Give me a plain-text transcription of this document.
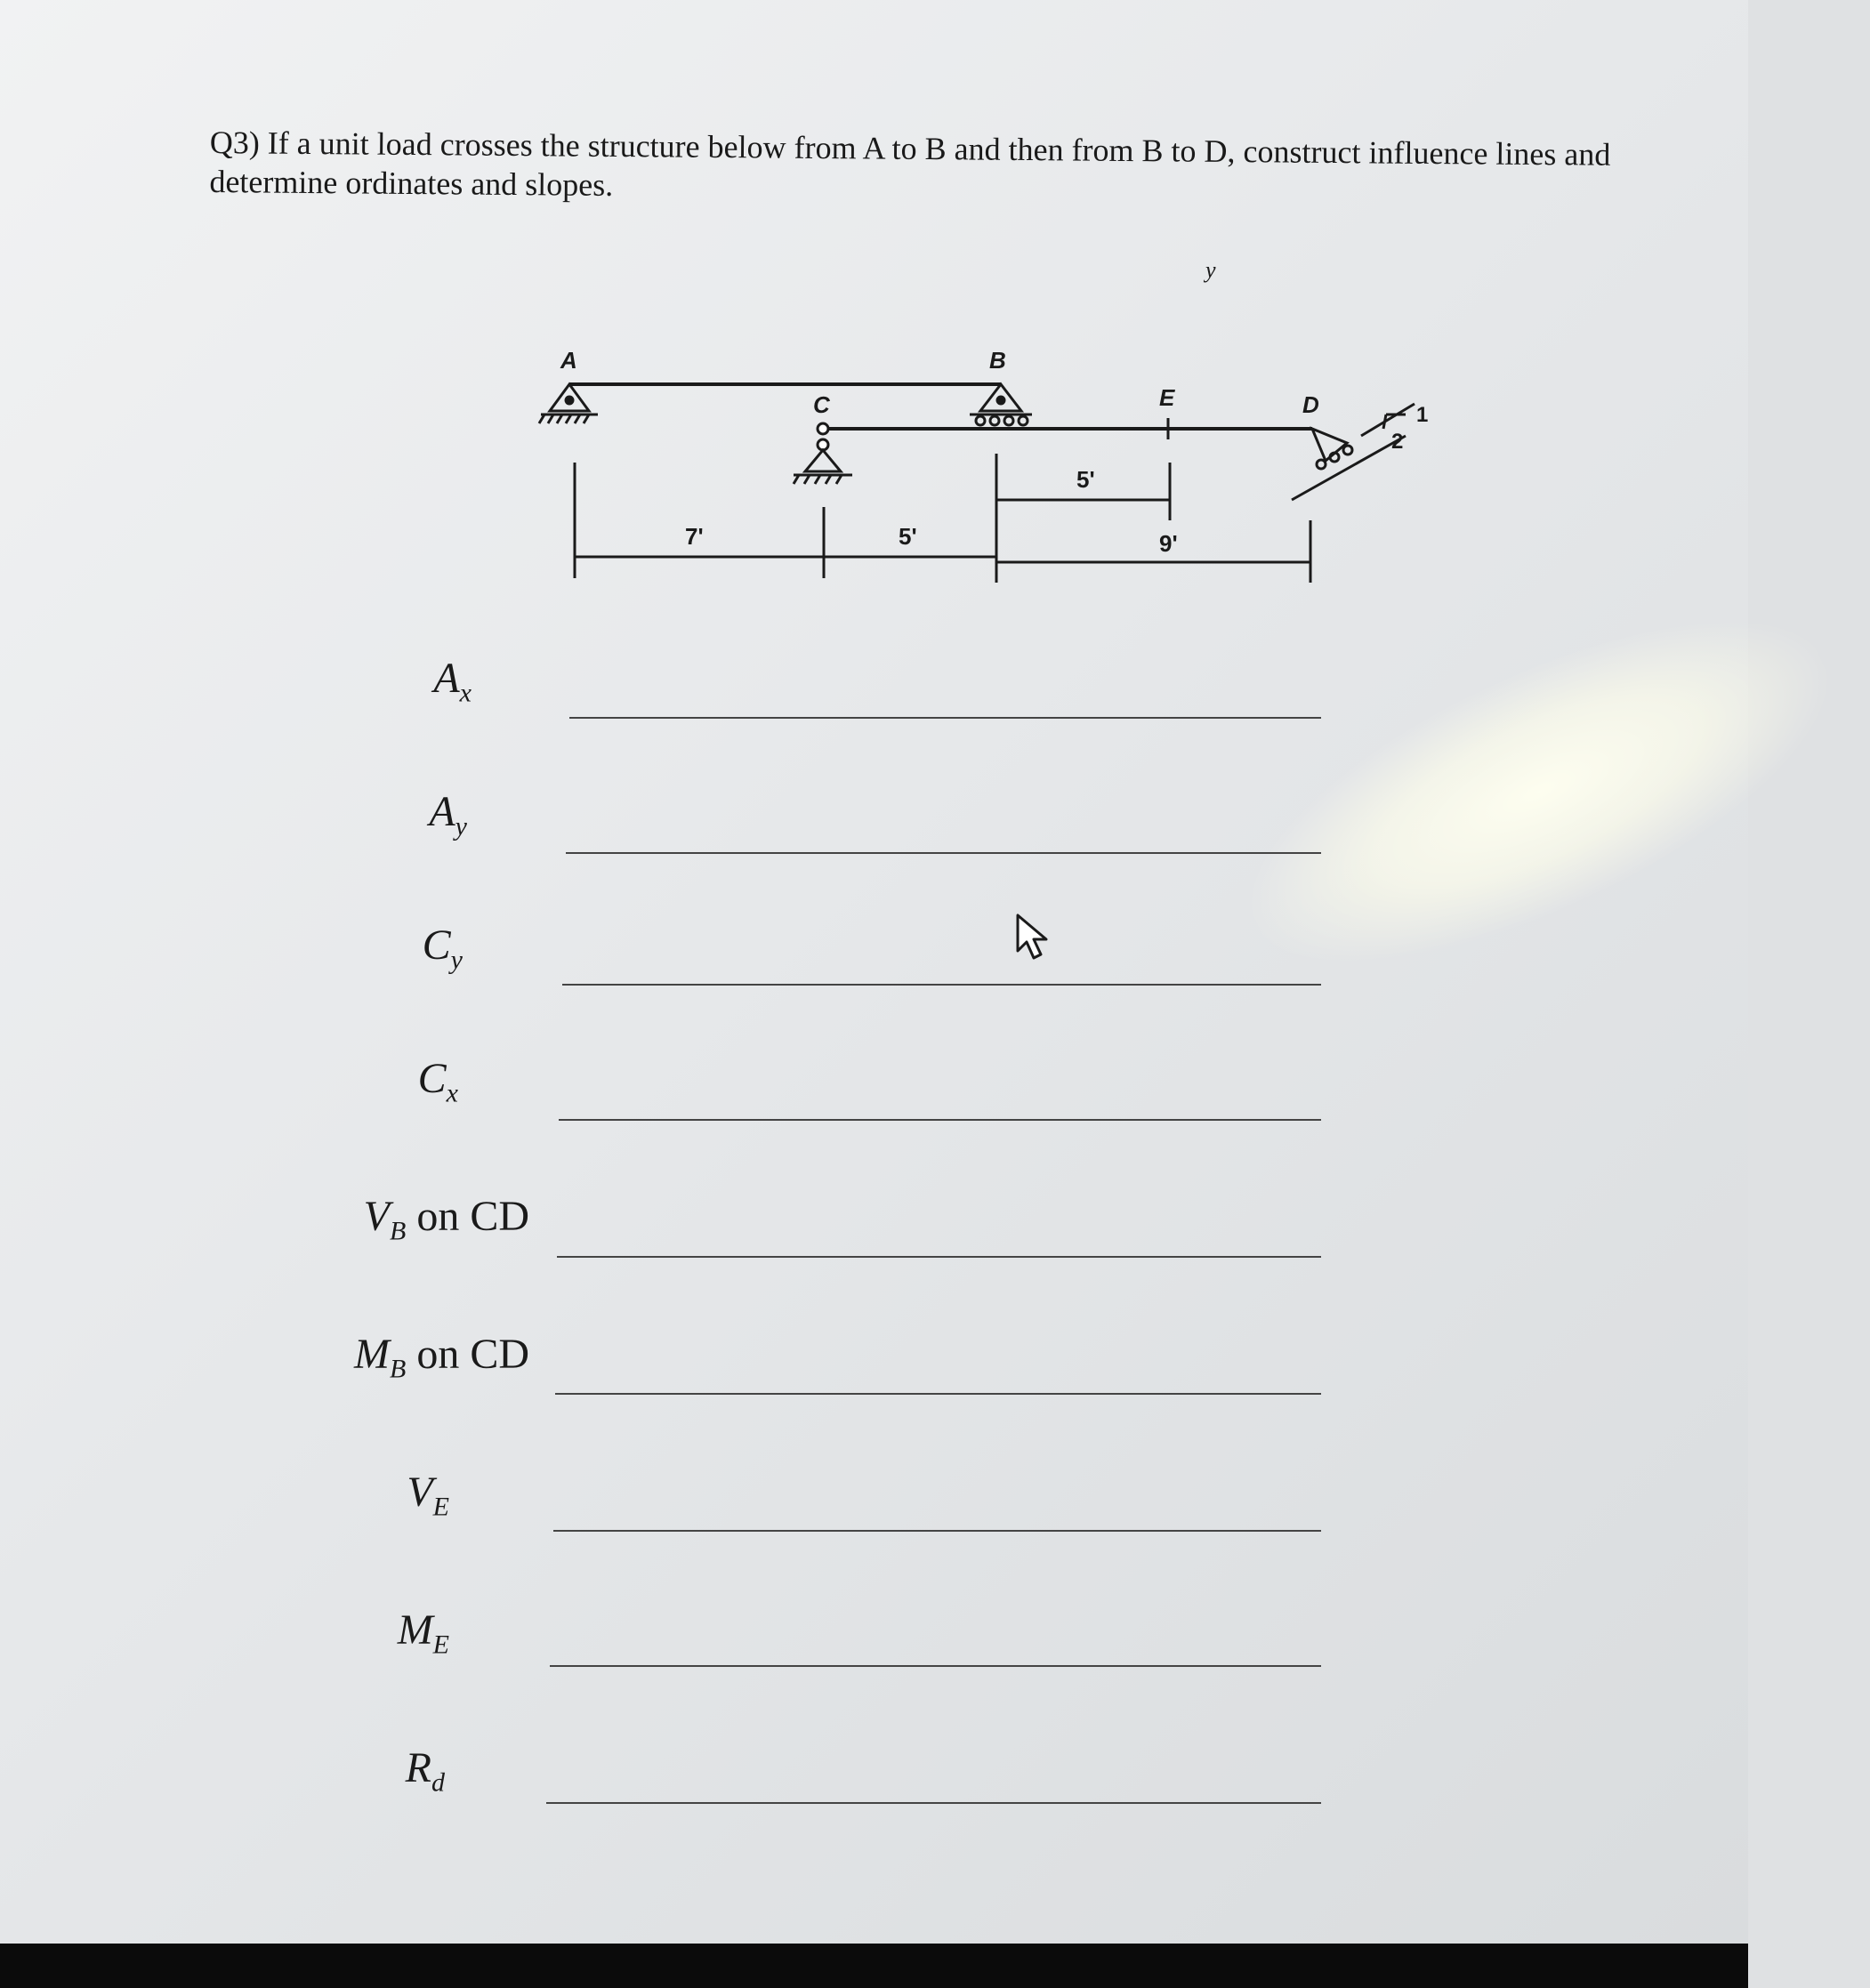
Q3) If a unit load crosses the structure below from A to B and then from B to D, construct influence lines and determine ordinates and slopes.
A	B
C	E	D	1
2
7'	5'
5'
9'
y
$A_x$
$A_y$
$C_y$
$C_x$
$V_B$ on CD
$M_B$ on CD
$V_E$
$M_E$
$R_d$
